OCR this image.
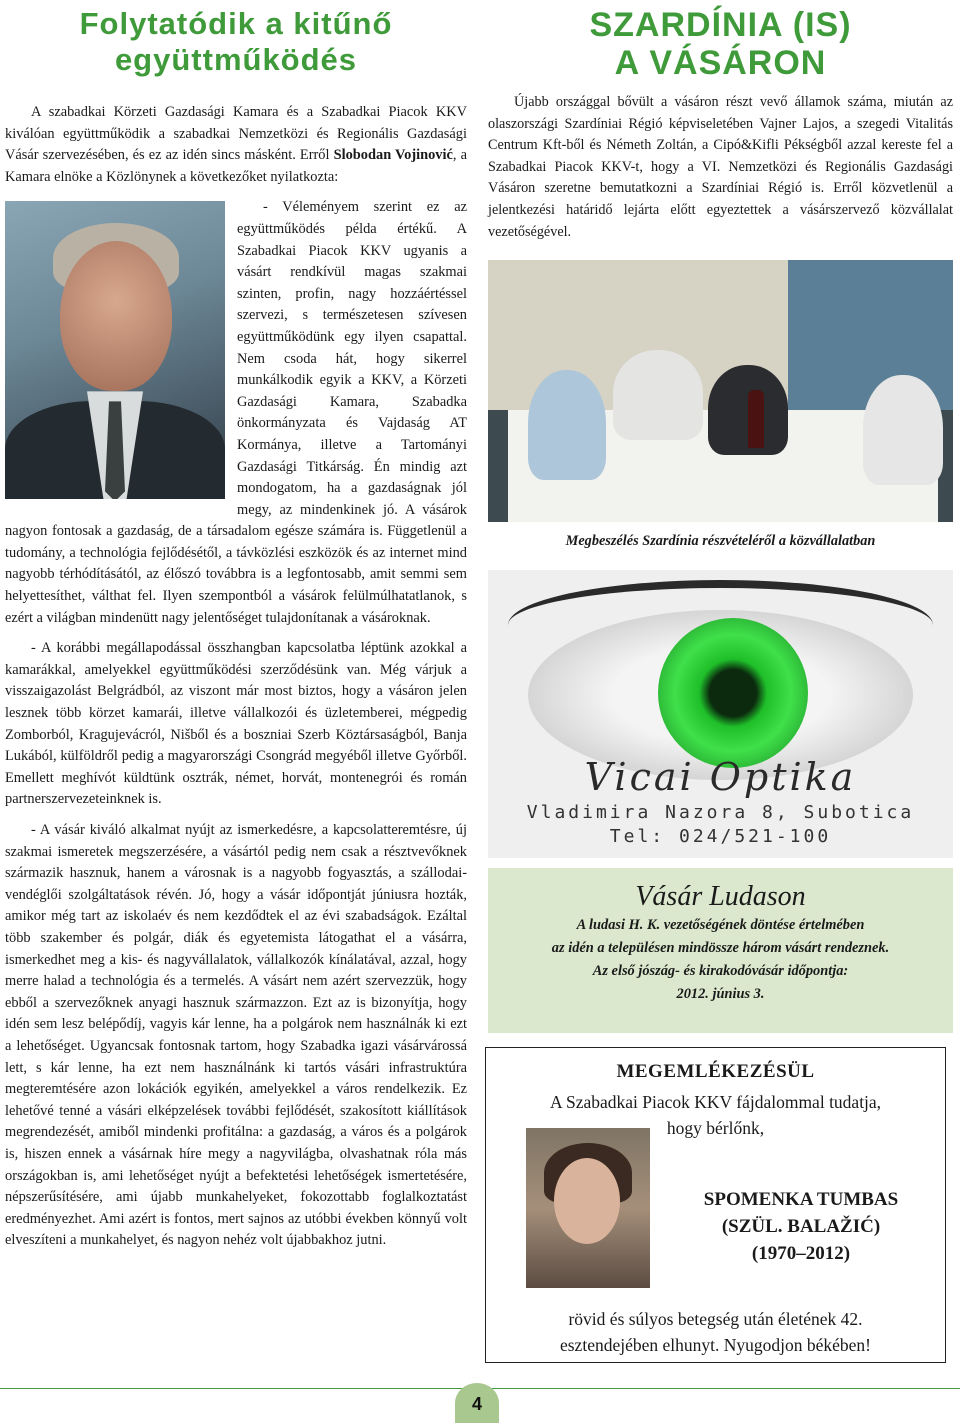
Folytatódik a kitűnő
együttműködés

A szabadkai Körzeti Gazdasági Kamara és a Szabadkai Piacok KKV kiválóan együttműködik a szabadkai Nemzetközi és Regionális Gazdasági Vásár szervezésében, és ez az idén sincs másként. Erről Slobodan Vojinović, a Kamara elnöke a Közlönynek a következőket nyilatkozta:

- Véleményem szerint ez az együttműködés példa értékű. A Szabadkai Piacok KKV ugyanis a vásárt rendkívül magas szakmai szinten, profin, nagy hozzáértéssel szervezi, s természetesen szívesen együttműködünk egy ilyen csapattal. Nem csoda hát, hogy sikerrel munkálkodik egyik a KKV, a Körzeti Gazdasági Kamara, Szabadka önkormányzata és Vajdaság AT Kormánya, illetve a Tartományi Gazdasági Titkárság. Én mindig azt mondogatom, ha a gazdaságnak jól megy, az mindenkinek jó. A vásárok nagyon fontosak a gazdaság, de a társadalom egésze számára is. Függetlenül a tudomány, a technológia fejlődésétől, a távközlési eszközök és az internet mind nagyobb térhódításától, az élőszó továbbra is a legfontosabb, amit semmi sem helyettesíthet, válthat fel. Ilyen szempontból a vásárok felülmúlhatatlanok, s ezért a világban mindenütt nagy jelentőséget tulajdonítanak a vásároknak.

- A korábbi megállapodással összhangban kapcsolatba léptünk azokkal a kamarákkal, amelyekkel együttműködési szerződésünk van. Még várjuk a visszaigazolást Belgrádból, az viszont már most biztos, hogy a vásáron jelen lesznek több körzet kamarái, illetve vállalkozói és üzletemberei, mégpedig Zomborból, Kragujevácról, Nišből és a boszniai Szerb Köztársaságból, Banja Lukából, külföldről pedig a magyarországi Csongrád megyéből illetve Győrből. Emellett meghívót küldtünk osztrák, német, horvát, montenegrói és román partnerszervezeteinknek is.

- A vásár kiváló alkalmat nyújt az ismerkedésre, a kapcsolatteremtésre, új szakmai ismeretek megszerzésére, a vásártól pedig nem csak a résztvevőknek származik hasznuk, hanem a városnak is a nagyobb fogyasztás, a szállodai-vendéglői szolgáltatások révén. Jó, hogy a vásár időpontját júniusra hozták, amikor még tart az iskolaév és nem kezdődtek el az évi szabadságok. Ezáltal több szakember és polgár, diák és egyetemista látogathat el a vásárra, ismerkedhet meg a kis- és nagyvállalatok, vállalkozók kínálatával, azzal, hogy merre halad a technológia és a termelés. A vásárt nem azért szervezzük, hogy ebből a szervezőknek anyagi hasznuk származzon. Ezt az is bizonyítja, hogy idén sem lesz belépődíj, vagyis kár lenne, ha a polgárok nem használnák ki ezt a lehetőséget. Ugyancsak fontosnak tartom, hogy Szabadka igazi vásárvárossá lett, s kár lenne, ha ezt nem használnánk ki tartós vásári infrastruktúra megteremtésére azon lokációk egyikén, amelyekkel a város rendelkezik. Ez lehetővé tenné a vásári elképzelések további fejlődését, szakosított kiállítások megrendezését, amiből mindenki profitálna: a gazdaság, a város és a polgárok is, hiszen ennek a vásárnak híre megy a nagyvilágba, olvashatnak róla más országokban is, ami lehetőséget nyújt a befektetési lehetőségek ismertetésére, népszerűsítésére, ami újabb munkahelyeket, fokozottabb foglalkoztatást eredményezhet. Ami azért is fontos, mert sajnos az utóbbi években könnyű volt elveszíteni a munkahelyet, és nagyon nehéz volt újabbakhoz jutni.

SZARDÍNIA (IS)
A VÁSÁRON

Újabb országgal bővült a vásáron részt vevő államok száma, miután az olaszországi Szardíniai Régió képviseletében Vajner Lajos, a szegedi Vitalitás Centrum Kft-ből és Németh Zoltán, a Cipó&Kifli Pékségből azzal kereste fel a Szabadkai Piacok KKV-t, hogy a VI. Nemzetközi és Regionális Gazdasági Vásáron szeretne bemutatkozni a Szardíniai Régió is. Erről közvetlenül a jelentkezési határidő lejárta előtt egyeztettek a vásárszervező közvállalat vezetőségével.

Megbeszélés Szardínia részvételéről a közvállalatban

Vicai Optika
Vladimira Nazora 8, Subotica
Tel: 024/521-100
Vásár Ludason
A ludasi H. K. vezetőségének döntése értelmében
az idén a településen mindössze három vásárt rendeznek.
Az első jószág- és kirakodóvásár időpontja:
2012. június 3.
MEGEMLÉKEZÉSÜL
A Szabadkai Piacok KKV fájdalommal tudatja,
hogy bérlőnk,
SPOMENKA TUMBAS
(SZÜL. BALAŽIĆ)
(1970–2012)
rövid és súlyos betegség után életének 42.
esztendejében elhunyt. Nyugodjon békében!
4
